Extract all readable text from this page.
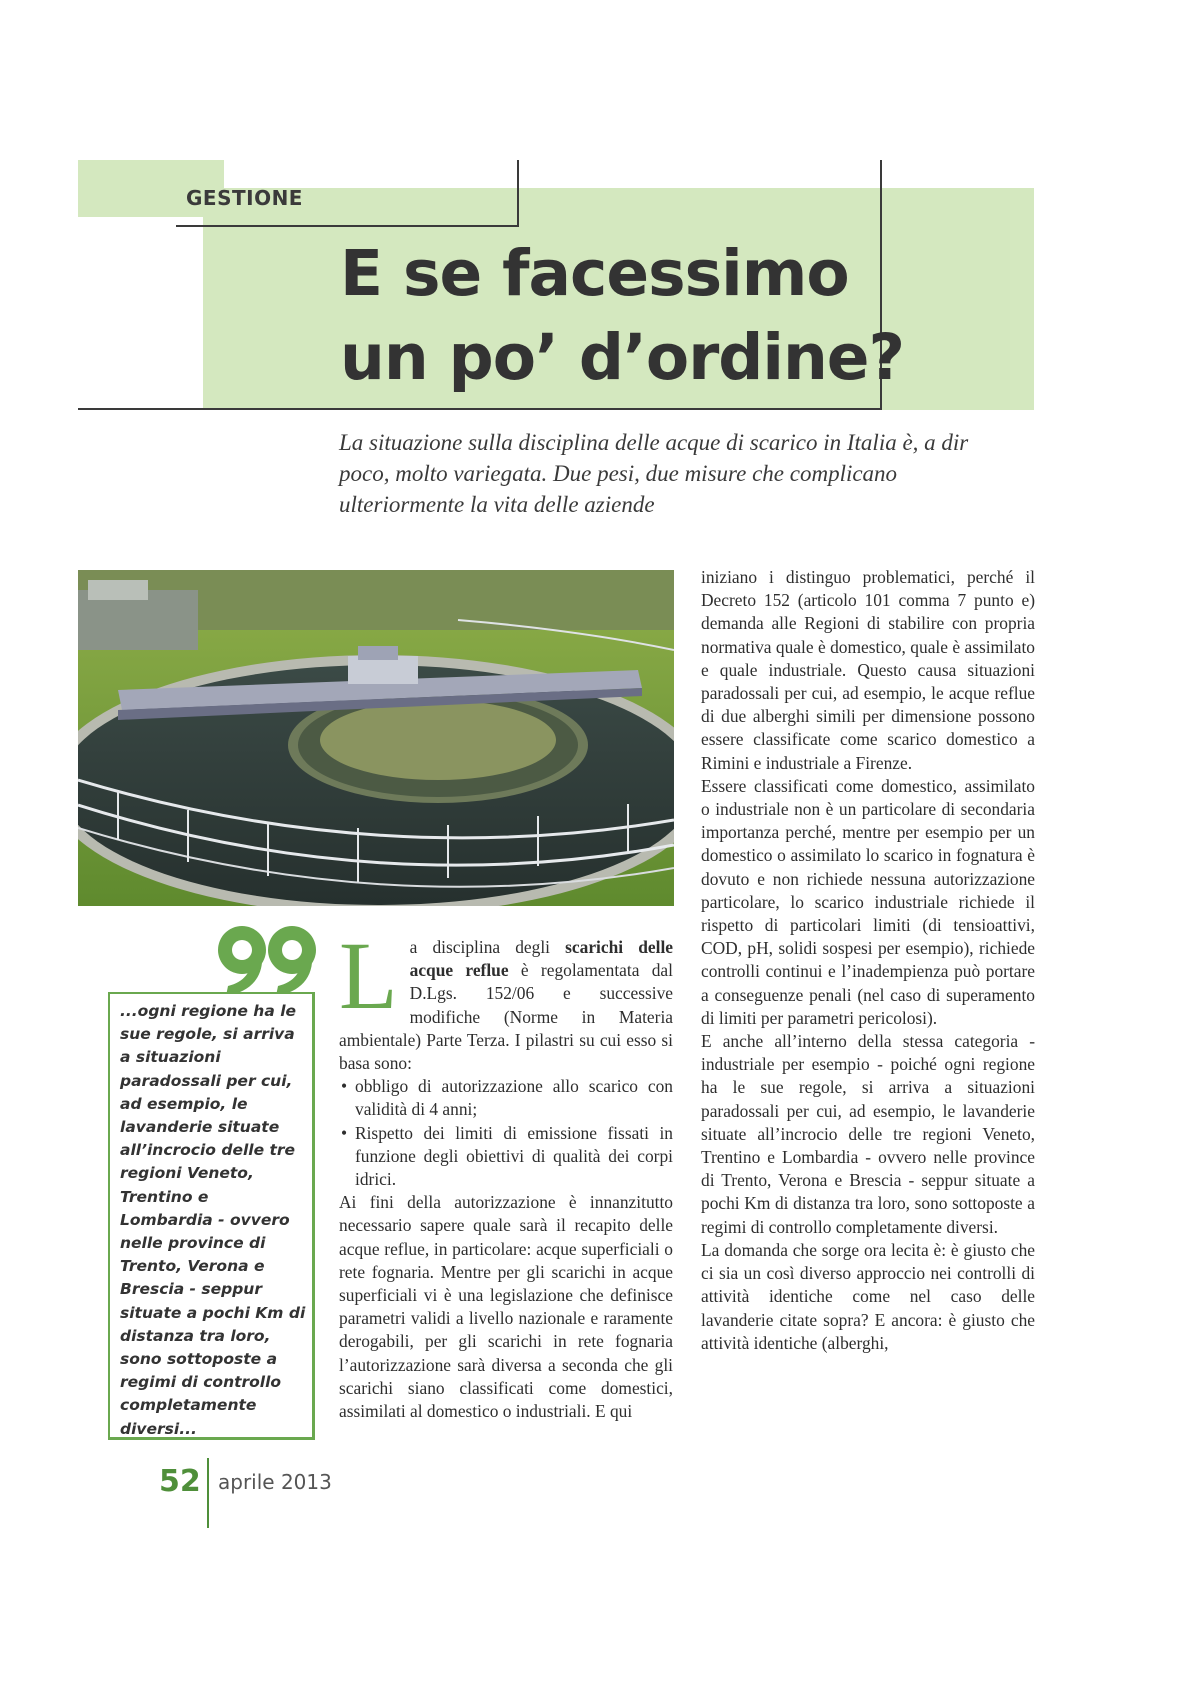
GESTIONE
E se facessimo
un po’ d’ordine?
La situazione sulla disciplina delle acque di scarico in Italia è, a dir poco, molto variegata. Due pesi, due misure che complicano ulteriormente la vita delle aziende
...ogni regione ha le sue regole, si arriva a situazioni paradossali per cui, ad esempio, le lavanderie situate all’incrocio delle tre regioni Veneto, Trentino e Lombardia - ovvero nelle province di Trento, Verona e Brescia - seppur situate a pochi Km di distanza tra loro, sono sottoposte a regimi di controllo completamente diversi...
L a disciplina degli scarichi delle acque reflue è regolamentata dal D.Lgs. 152/06 e successive modifiche (Norme in Materia ambientale) Parte Terza. I pilastri su cui esso si basa sono:

• obbligo di autorizzazione allo scarico con validità di 4 anni;
• Rispetto dei limiti di emissione fissati in funzione degli obiettivi di qualità dei corpi idrici.

Ai fini della autorizzazione è innanzitutto necessario sapere quale sarà il recapito delle acque reflue, in particolare: acque superficiali o rete fognaria. Mentre per gli scarichi in acque superficiali vi è una legislazione che definisce parametri validi a livello nazionale e raramente derogabili, per gli scarichi in rete fognaria l’autorizzazione sarà diversa a seconda che gli scarichi siano classificati come domestici, assimilati al domestico o industriali. E qui

iniziano i distinguo problematici, perché il Decreto 152 (articolo 101 comma 7 punto e) demanda alle Regioni di stabilire con propria normativa quale è domestico, quale è assimilato e quale industriale. Questo causa situazioni paradossali per cui, ad esempio, le acque reflue di due alberghi simili per dimensione possono essere classificate come scarico domestico a Rimini e industriale a Firenze.

Essere classificati come domestico, assimilato o industriale non è un particolare di secondaria importanza perché, mentre per esempio per un domestico o assimilato lo scarico in fognatura è dovuto e non richiede nessuna autorizzazione particolare, lo scarico industriale richiede il rispetto di particolari limiti (di tensioattivi, COD, pH, solidi sospesi per esempio), richiede controlli continui e l’inadempienza può portare a conseguenze penali (nel caso di superamento di limiti per parametri pericolosi).

E anche all’interno della stessa categoria - industriale per esempio - poiché ogni regione ha le sue regole, si arriva a situazioni paradossali per cui, ad esempio, le lavanderie situate all’incrocio delle tre regioni Veneto, Trentino e Lombardia - ovvero nelle province di Trento, Verona e Brescia - seppur situate a pochi Km di distanza tra loro, sono sottoposte a regimi di controllo completamente diversi.

La domanda che sorge ora lecita è: è giusto che ci sia un così diverso approccio nei controlli di attività identiche come nel caso delle lavanderie citate sopra? E ancora: è giusto che attività identiche (alberghi,

52 aprile 2013
